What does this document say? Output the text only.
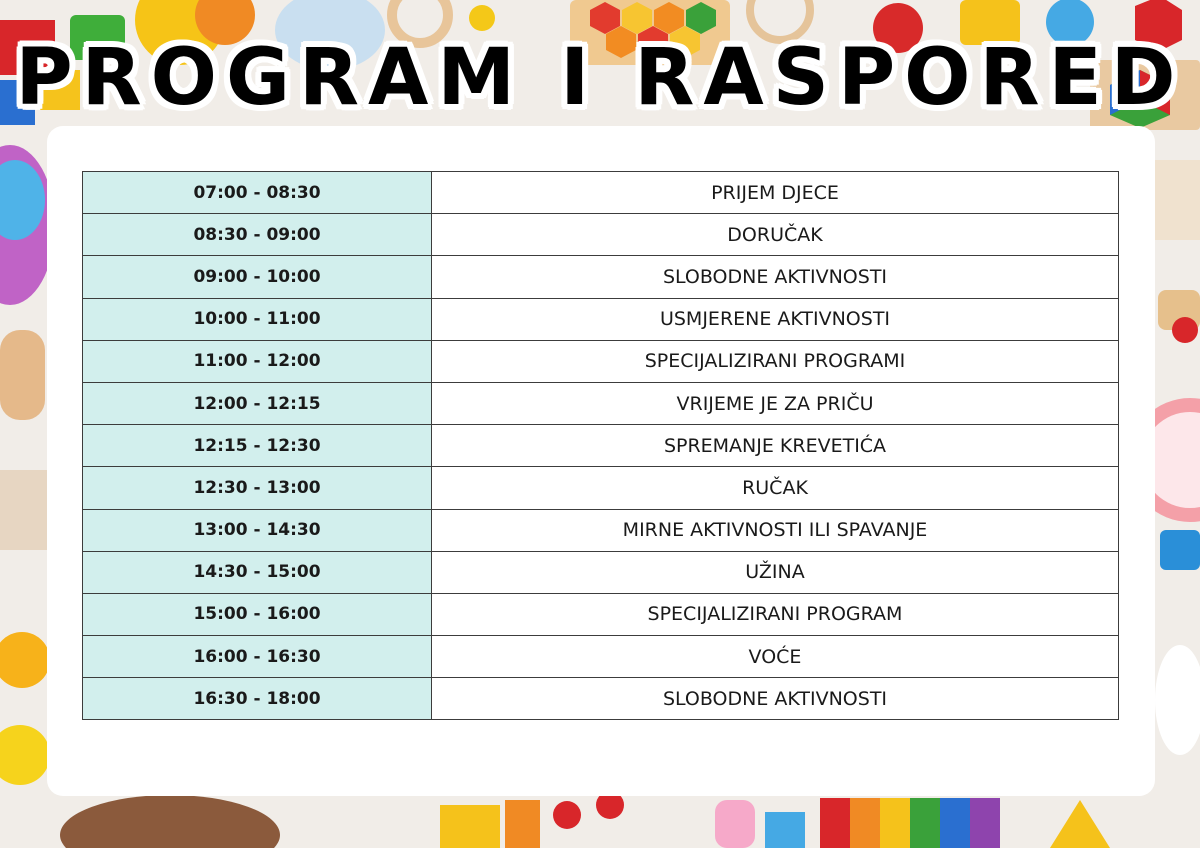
PROGRAM I RASPORED
07:00 - 08:30	PRIJEM DJECE
08:30 - 09:00	DORUČAK
09:00 - 10:00	SLOBODNE AKTIVNOSTI
10:00 - 11:00	USMJERENE AKTIVNOSTI
11:00 - 12:00	SPECIJALIZIRANI PROGRAMI
12:00 - 12:15	VRIJEME JE ZA PRIČU
12:15 - 12:30	SPREMANJE KREVETIĆA
12:30 - 13:00	RUČAK
13:00 - 14:30	MIRNE AKTIVNOSTI ILI SPAVANJE
14:30 - 15:00	UŽINA
15:00 - 16:00	SPECIJALIZIRANI PROGRAM
16:00 - 16:30	VOĆE
16:30 - 18:00	SLOBODNE AKTIVNOSTI
